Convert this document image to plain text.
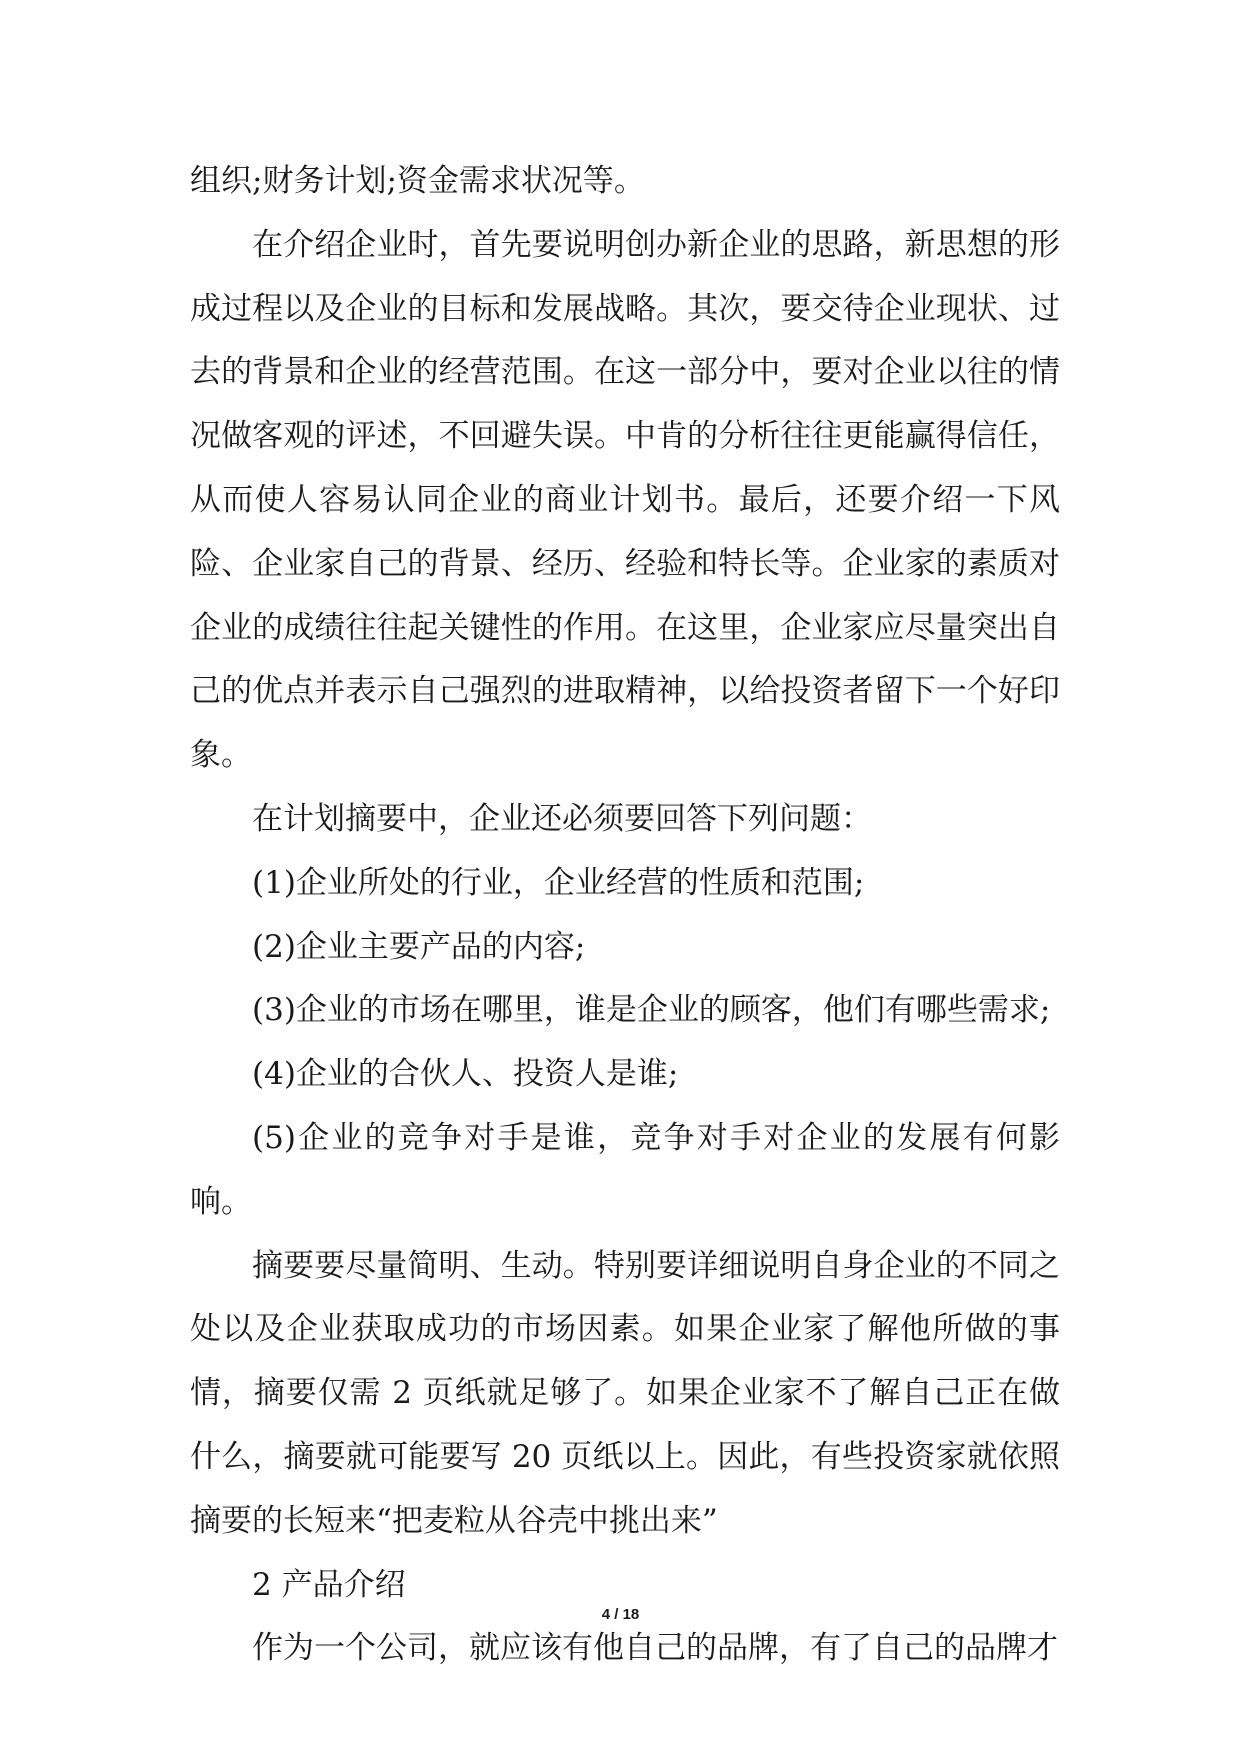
组织;财务计划;资金需求状况等。

在介绍企业时，首先要说明创办新企业的思路，新思想的形成过程以及企业的目标和发展战略。其次，要交待企业现状、过去的背景和企业的经营范围。在这一部分中，要对企业以往的情况做客观的评述，不回避失误。中肯的分析往往更能赢得信任，从而使人容易认同企业的商业计划书。最后，还要介绍一下风险、企业家自己的背景、经历、经验和特长等。企业家的素质对企业的成绩往往起关键性的作用。在这里，企业家应尽量突出自己的优点并表示自己强烈的进取精神，以给投资者留下一个好印象。

在计划摘要中，企业还必须要回答下列问题：

(1)企业所处的行业，企业经营的性质和范围;

(2)企业主要产品的内容;

(3)企业的市场在哪里，谁是企业的顾客，他们有哪些需求;

(4)企业的合伙人、投资人是谁;

(5)企业的竞争对手是谁，竞争对手对企业的发展有何影响。

摘要要尽量简明、生动。特别要详细说明自身企业的不同之处以及企业获取成功的市场因素。如果企业家了解他所做的事情，摘要仅需 2 页纸就足够了。如果企业家不了解自己正在做什么，摘要就可能要写 20 页纸以上。因此，有些投资家就依照摘要的长短来“把麦粒从谷壳中挑出来”

2 产品介绍

作为一个公司，就应该有他自己的品牌，有了自己的品牌才

4 / 18
